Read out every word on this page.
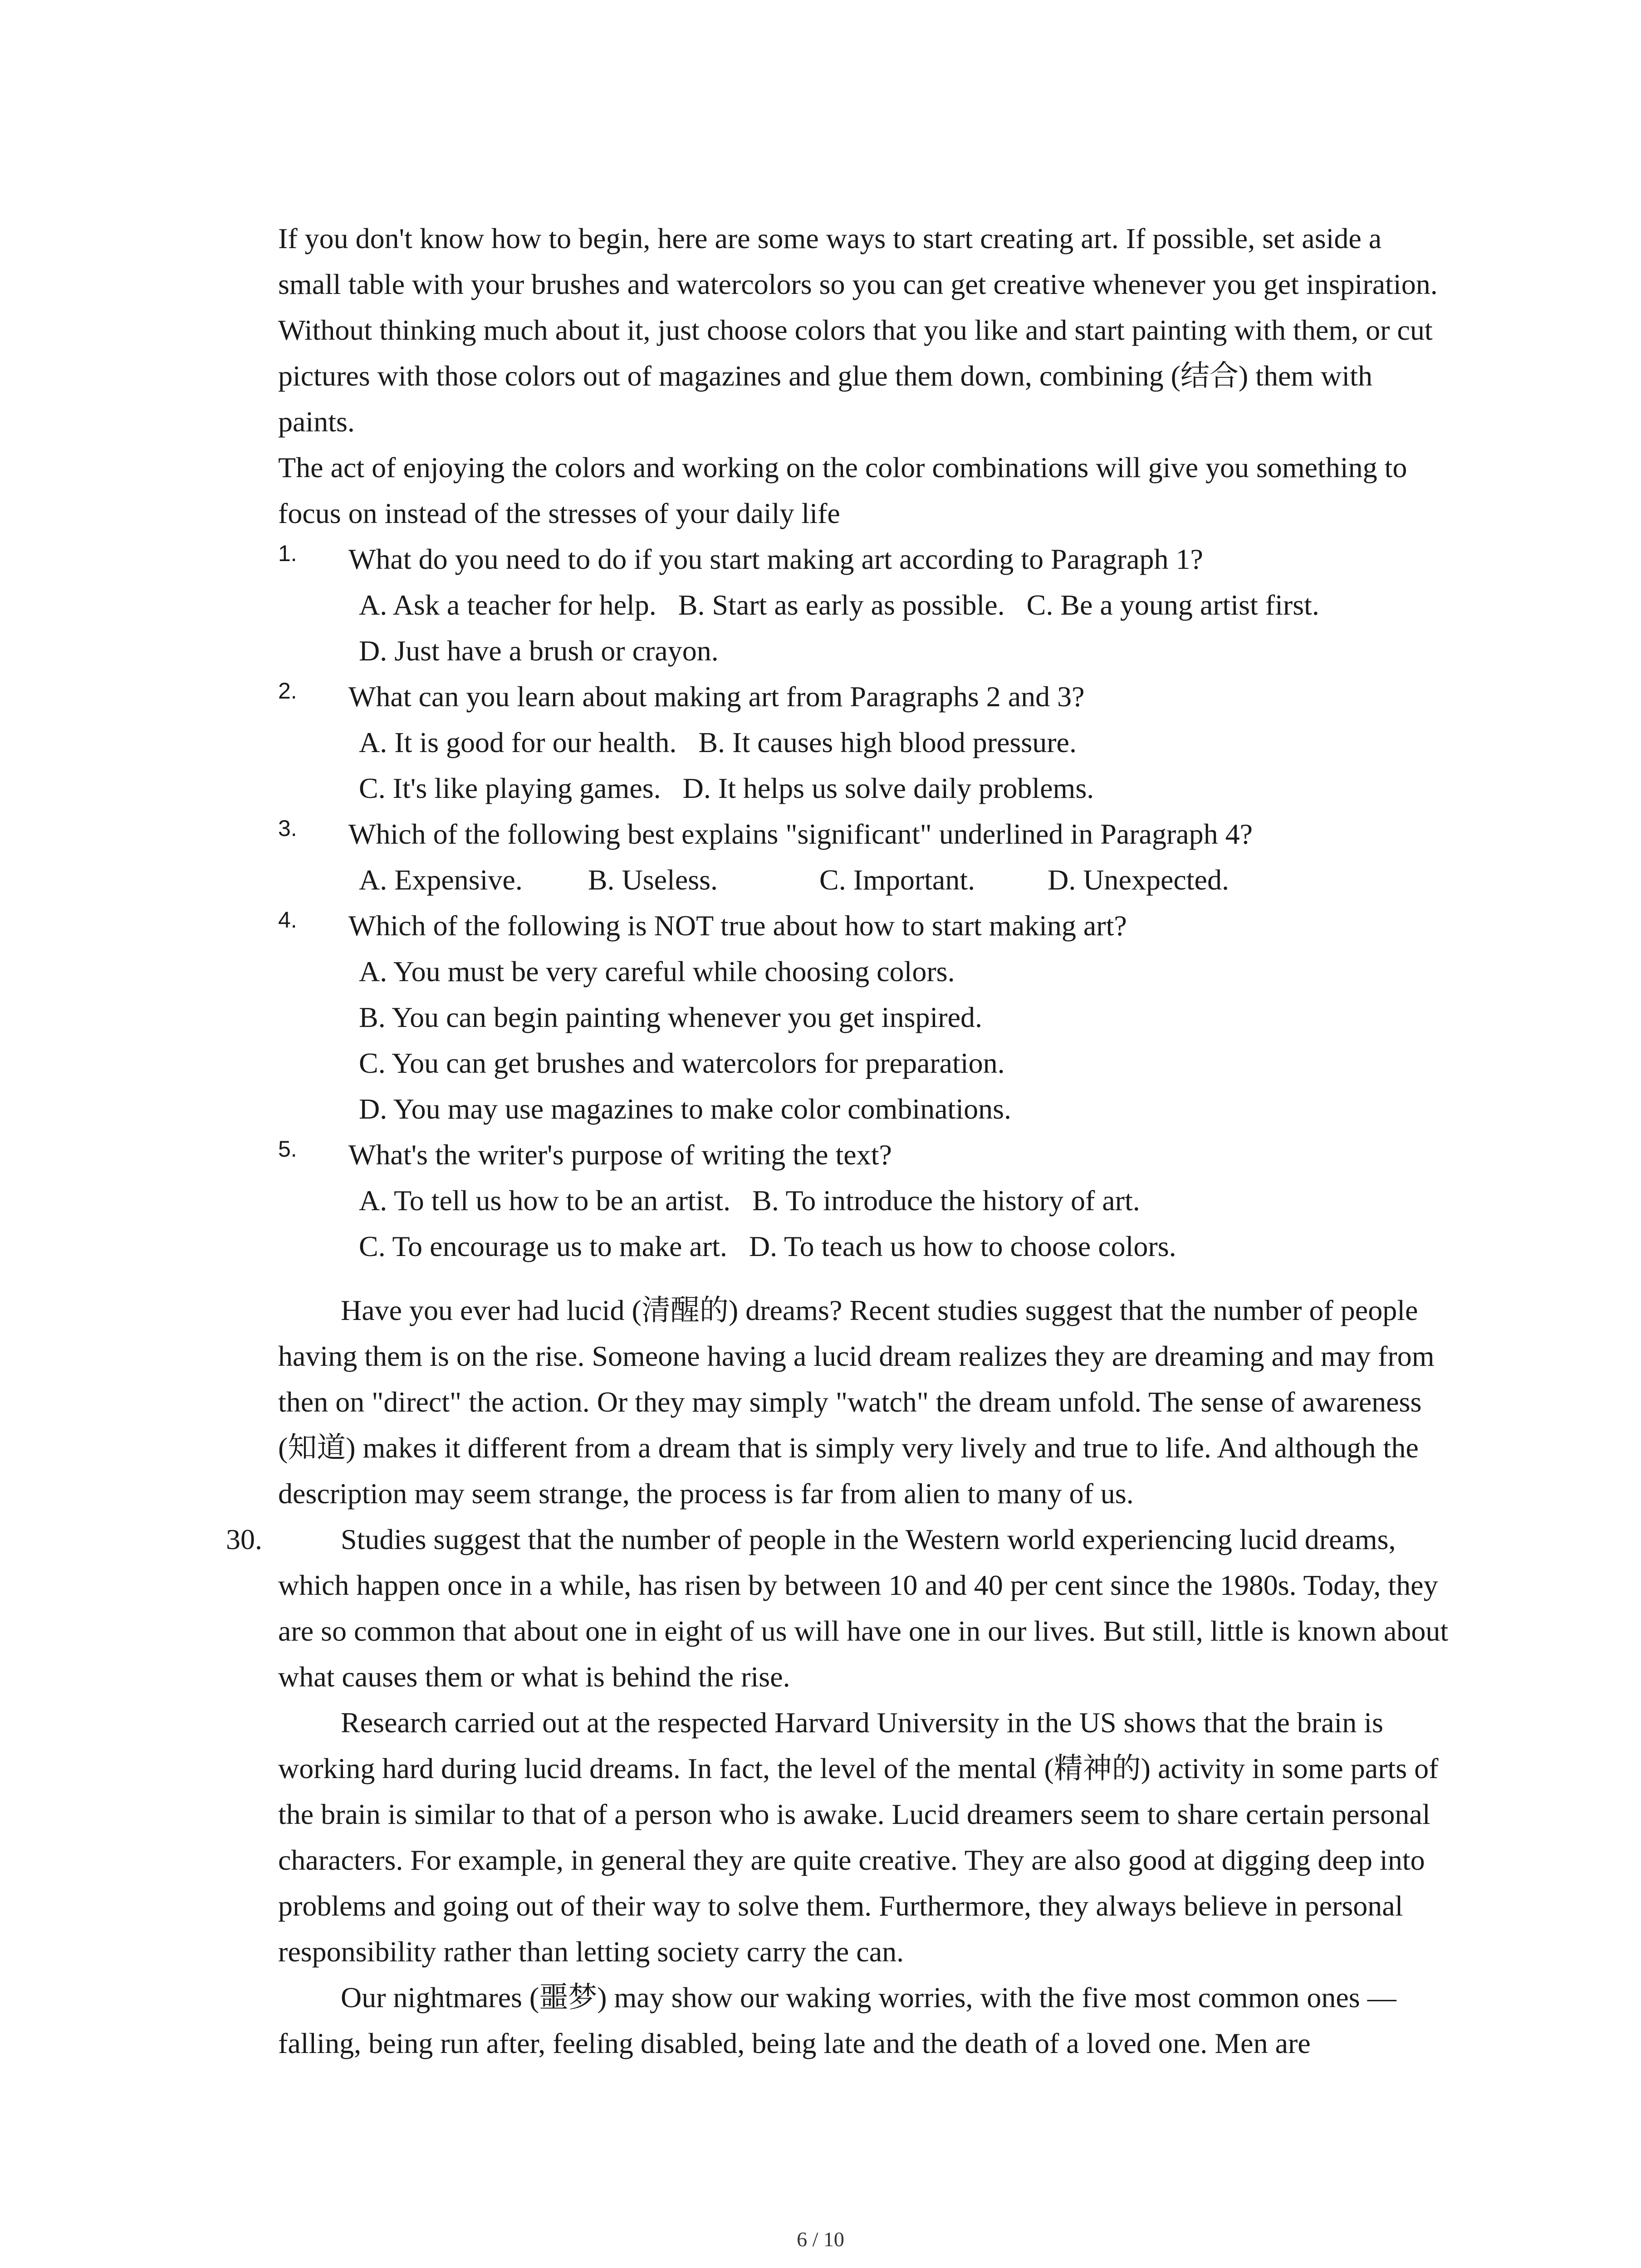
If you don't know how to begin, here are some ways to start creating art. If possible, set aside a small table with your brushes and watercolors so you can get creative whenever you get inspiration.

Without thinking much about it, just choose colors that you like and start painting with them, or cut pictures with those colors out of magazines and glue them down, combining (结合) them with paints.

The act of enjoying the colors and working on the color combinations will give you something to focus on instead of the stresses of your daily life

1. What do you need to do if you start making art according to Paragraph 1?

A. Ask a teacher for help.   B. Start as early as possible.   C. Be a young artist first.

D. Just have a brush or crayon.

2. What can you learn about making art from Paragraphs 2 and 3?

A. It is good for our health.   B. It causes high blood pressure.

C. It's like playing games.   D. It helps us solve daily problems.

3. Which of the following best explains "significant" underlined in Paragraph 4?

A. Expensive.         B. Useless.              C. Important.          D. Unexpected.

4. Which of the following is NOT true about how to start making art?

A. You must be very careful while choosing colors.

B. You can begin painting whenever you get inspired.

C. You can get brushes and watercolors for preparation.

D. You may use magazines to make color combinations.

5. What's the writer's purpose of writing the text?

A. To tell us how to be an artist.   B. To introduce the history of art.

C. To encourage us to make art.   D. To teach us how to choose colors.

Have you ever had lucid (清醒的) dreams? Recent studies suggest that the number of people having them is on the rise. Someone having a lucid dream realizes they are dreaming and may from then on "direct" the action. Or they may simply "watch" the dream unfold. The sense of awareness (知道) makes it different from a dream that is simply very lively and true to life. And although the description may seem strange, the process is far from alien to many of us.

30.	Studies suggest that the number of people in the Western world experiencing lucid dreams, which happen once in a while, has risen by between 10 and 40 per cent since the 1980s. Today, they are so common that about one in eight of us will have one in our lives. But still, little is known about what causes them or what is behind the rise.

Research carried out at the respected Harvard University in the US shows that the brain is working hard during lucid dreams. In fact, the level of the mental (精神的) activity in some parts of the brain is similar to that of a person who is awake. Lucid dreamers seem to share certain personal characters. For example, in general they are quite creative. They are also good at digging deep into problems and going out of their way to solve them. Furthermore, they always believe in personal responsibility rather than letting society carry the can.

Our nightmares (噩梦) may show our waking worries, with the five most common ones — falling, being run after, feeling disabled, being late and the death of a loved one. Men are

6 / 10
